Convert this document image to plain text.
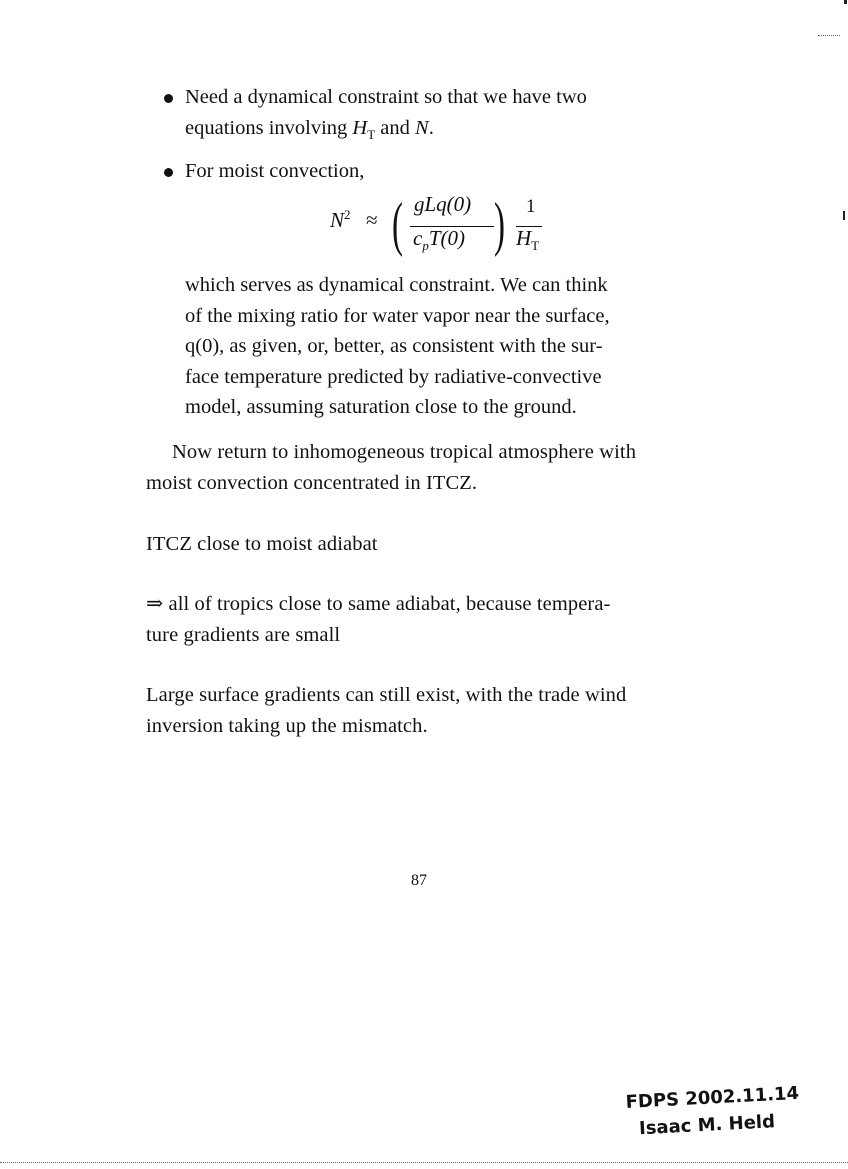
Need a dynamical constraint so that we have two
equations involving $H_T$ and N.
For moist convection,
$N^2$ ≈ ( gLq(0)
$c_pT(0)$ ) 1
$H_T$
which serves as dynamical constraint. We can think
of the mixing ratio for water vapor near the surface,
q(0), as given, or, better, as consistent with the sur-
face temperature predicted by radiative-convective
model, assuming saturation close to the ground.
Now return to inhomogeneous tropical atmosphere with
moist convection concentrated in ITCZ.
ITCZ close to moist adiabat
⇒ all of tropics close to same adiabat, because tempera-
ture gradients are small
Large surface gradients can still exist, with the trade wind
inversion taking up the mismatch.
87
FDPS 2002.11.14
Isaac M. Held
